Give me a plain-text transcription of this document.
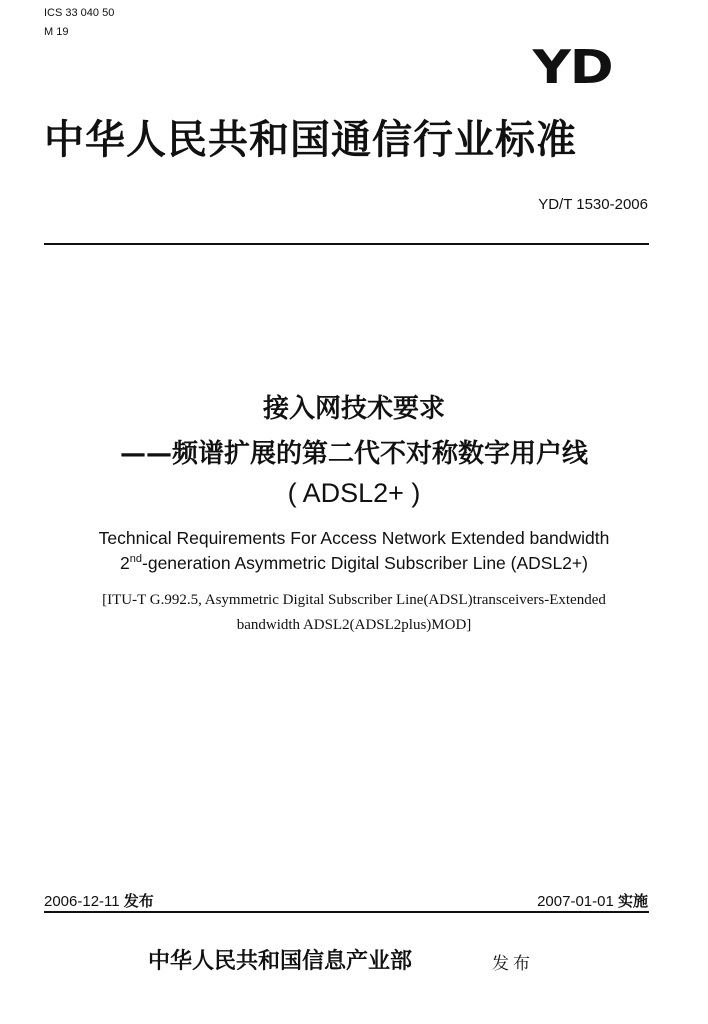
ICS 33 040 50
M 19
YD
中华人民共和国通信行业标准
YD/T 1530-2006
接入网技术要求
——频谱扩展的第二代不对称数字用户线
( ADSL2+ )
Technical Requirements For Access Network Extended bandwidth
2nd-generation Asymmetric Digital Subscriber Line (ADSL2+)
[ITU-T G.992.5, Asymmetric Digital Subscriber Line(ADSL)transceivers-Extended
bandwidth ADSL2(ADSL2plus)MOD]
2006-12-11 发布	2007-01-01 实施
中华人民共和国信息产业部	发布
